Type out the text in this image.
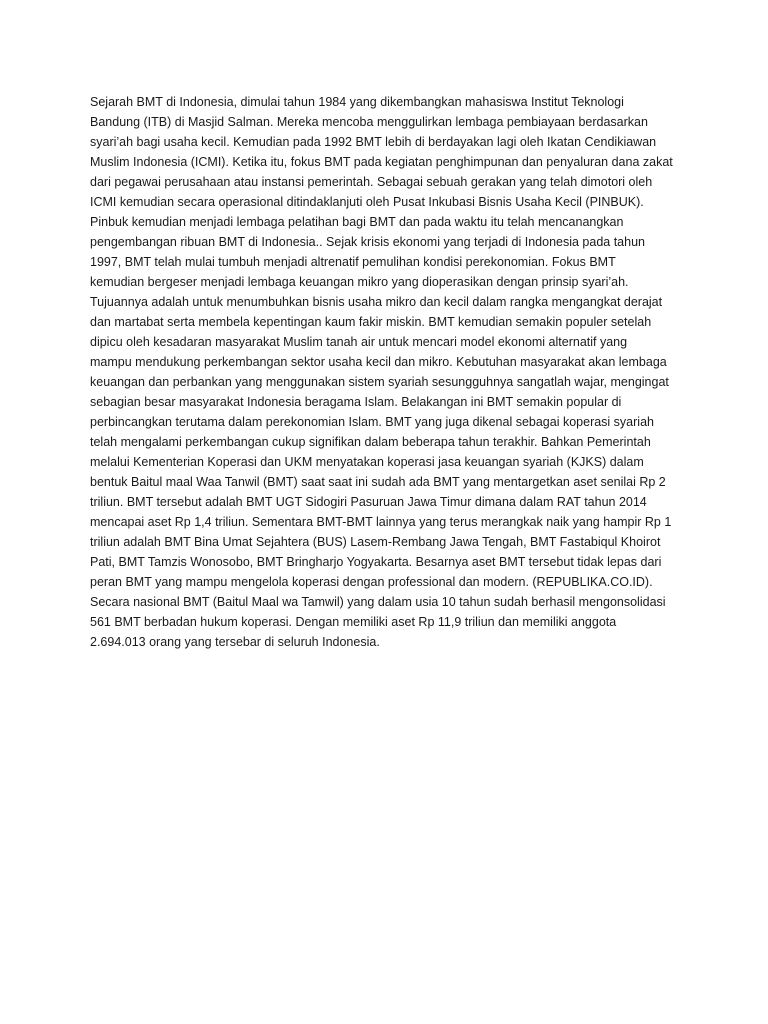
Sejarah BMT di Indonesia, dimulai tahun 1984 yang dikembangkan mahasiswa Institut Teknologi
Bandung (ITB) di Masjid Salman. Mereka mencoba menggulirkan lembaga pembiayaan berdasarkan
syari’ah bagi usaha kecil. Kemudian pada 1992 BMT lebih di berdayakan lagi oleh Ikatan Cendikiawan
Muslim Indonesia (ICMI). Ketika itu, fokus BMT pada kegiatan penghimpunan dan penyaluran dana zakat
dari pegawai perusahaan atau instansi pemerintah. Sebagai sebuah gerakan yang telah dimotori oleh
ICMI kemudian secara operasional ditindaklanjuti oleh Pusat Inkubasi Bisnis Usaha Kecil (PINBUK).
Pinbuk kemudian menjadi lembaga pelatihan bagi BMT dan pada waktu itu telah mencanangkan
pengembangan ribuan BMT di Indonesia.. Sejak krisis ekonomi yang terjadi di Indonesia pada tahun
1997, BMT telah mulai tumbuh menjadi altrenatif pemulihan kondisi perekonomian. Fokus BMT
kemudian bergeser menjadi lembaga keuangan mikro yang dioperasikan dengan prinsip syari’ah.
Tujuannya adalah untuk menumbuhkan bisnis usaha mikro dan kecil dalam rangka mengangkat derajat
dan martabat serta membela kepentingan kaum fakir miskin. BMT kemudian semakin populer setelah
dipicu oleh kesadaran masyarakat Muslim tanah air untuk mencari model ekonomi alternatif yang
mampu mendukung perkembangan sektor usaha kecil dan mikro. Kebutuhan masyarakat akan lembaga
keuangan dan perbankan yang menggunakan sistem syariah sesungguhnya sangatlah wajar, mengingat
sebagian besar masyarakat Indonesia beragama Islam. Belakangan ini BMT semakin popular di
perbincangkan terutama dalam perekonomian Islam. BMT yang juga dikenal sebagai koperasi syariah
telah mengalami perkembangan cukup signifikan dalam beberapa tahun terakhir. Bahkan Pemerintah
melalui Kementerian Koperasi dan UKM menyatakan koperasi jasa keuangan syariah (KJKS) dalam
bentuk Baitul maal Waa Tanwil (BMT) saat saat ini sudah ada BMT yang mentargetkan aset senilai Rp 2
triliun. BMT tersebut adalah BMT UGT Sidogiri Pasuruan Jawa Timur dimana dalam RAT tahun 2014
mencapai aset Rp 1,4 triliun. Sementara BMT-BMT lainnya yang terus merangkak naik yang hampir Rp 1
triliun adalah BMT Bina Umat Sejahtera (BUS) Lasem-Rembang Jawa Tengah, BMT Fastabiqul Khoirot
Pati, BMT Tamzis Wonosobo, BMT Bringharjo Yogyakarta. Besarnya aset BMT tersebut tidak lepas dari
peran BMT yang mampu mengelola koperasi dengan professional dan modern. (REPUBLIKA.CO.ID).
Secara nasional BMT (Baitul Maal wa Tamwil) yang dalam usia 10 tahun sudah berhasil mengonsolidasi
561 BMT berbadan hukum koperasi. Dengan memiliki aset Rp 11,9 triliun dan memiliki anggota
2.694.013 orang yang tersebar di seluruh Indonesia.
